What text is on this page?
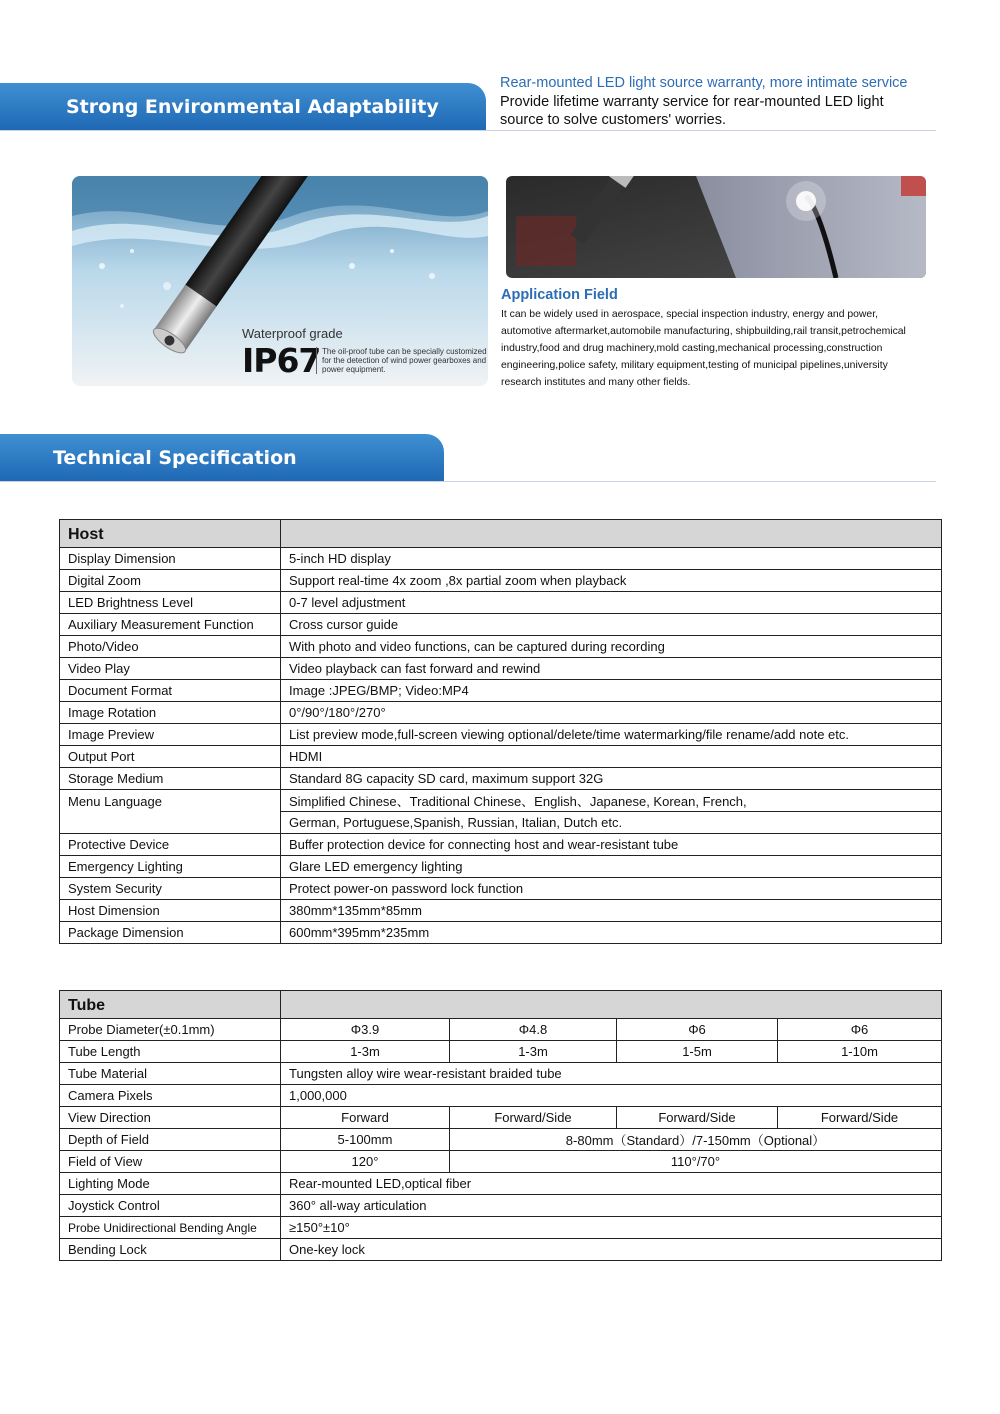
Strong Environmental Adaptability
Rear-mounted LED light source warranty, more intimate service
Provide lifetime warranty service for rear-mounted LED light source to solve customers' worries.
Waterproof grade
IP67 The oil-proof tube can be specially customized for the detection of wind power gearboxes and power equipment.
Application Field
It can be widely used in aerospace, special inspection industry, energy and power, automotive aftermarket,automobile manufacturing, shipbuilding,rail transit,petrochemical industry,food and drug machinery,mold casting,mechanical processing,construction engineering,police safety, military equipment,testing of municipal pipelines,university research institutes and many other fields.
Technical Specification
Host	
Display Dimension	5-inch HD display
Digital Zoom	Support real-time 4x zoom ,8x partial zoom when playback
LED Brightness Level	0-7 level adjustment
Auxiliary Measurement Function	Cross cursor guide
Photo/Video	With photo and video functions, can be captured during recording
Video Play	Video playback can fast forward and rewind
Document Format	Image :JPEG/BMP; Video:MP4
Image Rotation	0°/90°/180°/270°
Image Preview	List preview mode,full-screen viewing optional/delete/time watermarking/file rename/add note etc.
Output Port	HDMI
Storage Medium	Standard 8G capacity SD card, maximum support 32G
Menu Language	Simplified Chinese、Traditional Chinese、English、Japanese, Korean, French,
	German, Portuguese,Spanish, Russian, Italian, Dutch etc.
Protective Device	Buffer protection device for connecting host and wear-resistant tube
Emergency Lighting	Glare LED emergency lighting
System Security	Protect power-on password lock function
Host Dimension	380mm*135mm*85mm
Package Dimension	600mm*395mm*235mm
Tube				
Probe Diameter(±0.1mm)	Φ3.9	Φ4.8	Φ6	Φ6
Tube Length	1-3m	1-3m	1-5m	1-10m
Tube Material	Tungsten alloy wire wear-resistant braided tube			
Camera Pixels	1,000,000			
View Direction	Forward	Forward/Side	Forward/Side	Forward/Side
Depth of Field	5-100mm	8-80mm（Standard）/7-150mm（Optional）		
Field of View	120°	110°/70°		
Lighting Mode	Rear-mounted LED,optical fiber			
Joystick Control	360° all-way articulation			
Probe Unidirectional Bending Angle	≥150°±10°			
Bending Lock	One-key lock			
